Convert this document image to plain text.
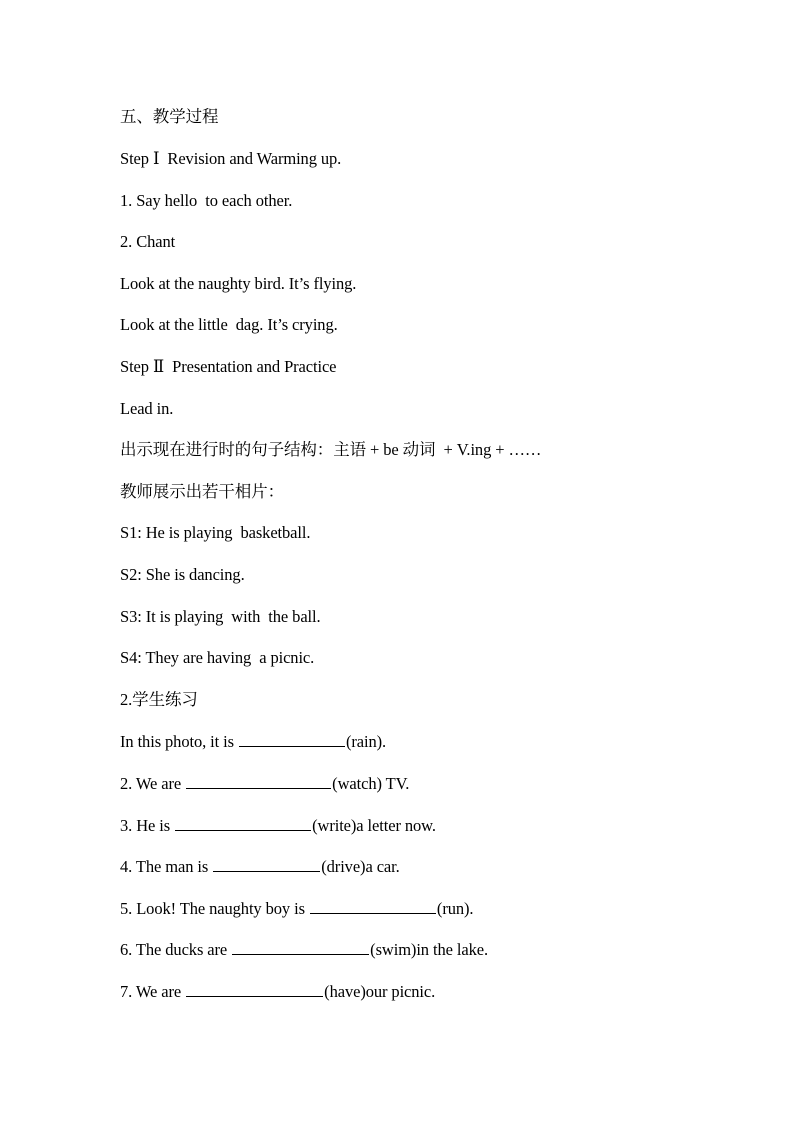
五、教学过程
Step Ⅰ  Revision and Warming up.
1. Say hello  to each other.
2. Chant
Look at the naughty bird. It’s flying.
Look at the little  dag. It’s crying.
Step Ⅱ  Presentation and Practice
Lead in.
出示现在进行时的句子结构：主语 + be 动词  + V.ing + ……
教师展示出若干相片：
S1: He is playing  basketball.
S2: She is dancing.
S3: It is playing  with  the ball.
S4: They are having  a picnic.
2.学生练习
In this photo, it is	(rain).
2. We are	(watch) TV.
3. He is	(write)a letter now.
4. The man is	(drive)a car.
5. Look! The naughty boy is	(run).
6. The ducks are	(swim)in the lake.
7. We are	(have)our picnic.
